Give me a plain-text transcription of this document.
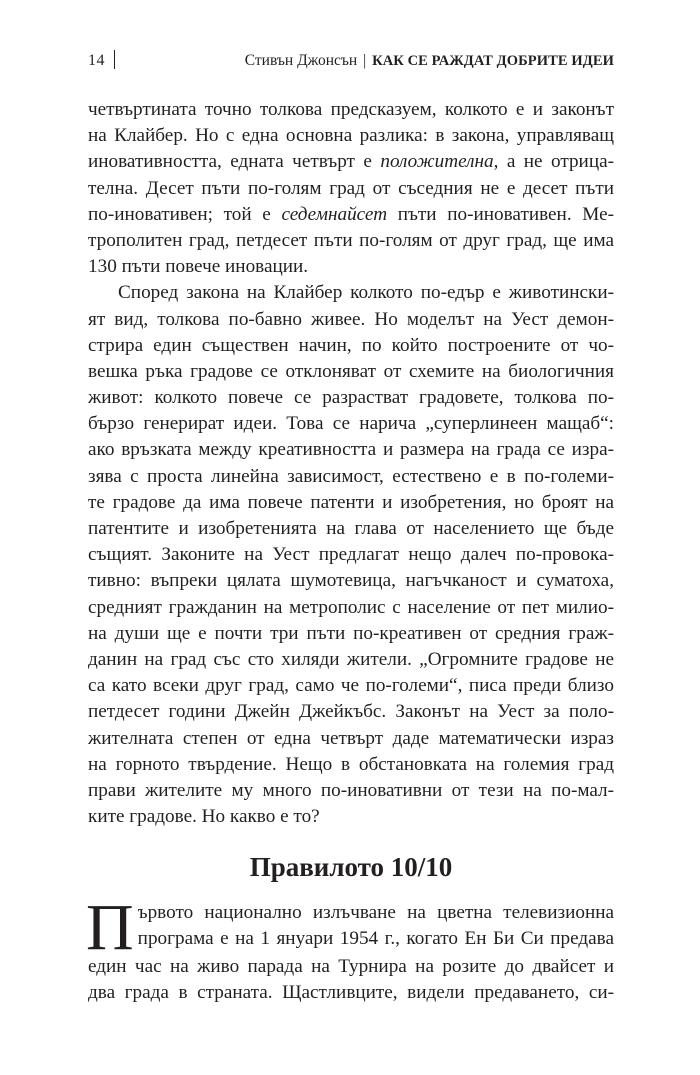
14	Стивън Джонсън | КАК СЕ РАЖДАТ ДОБРИТЕ ИДЕИ
четвъртината точно толкова предсказуем, колкото е и законът
на Клайбер. Но с една основна разлика: в закона, управляващ
иновативността, едната четвърт е положителна, а не отрица-
телна. Десет пъти по-голям град от съседния не е десет пъти
по-иновативен; той е седемнайсет пъти по-иновативен. Ме-
трополитен град, петдесет пъти по-голям от друг град, ще има
130 пъти повече иновации.
Според закона на Клайбер колкото по-едър е животински-
ят вид, толкова по-бавно живее. Но моделът на Уест демон-
стрира един съществен начин, по който построените от чо-
вешка ръка градове се отклоняват от схемите на биологичния
живот: колкото повече се разрастват градовете, толкова по-
бързо генерират идеи. Това се нарича „суперлинеен мащаб“:
ако връзката между креативността и размера на града се изра-
зява с проста линейна зависимост, естествено е в по-големи-
те градове да има повече патенти и изобретения, но броят на
патентите и изобретенията на глава от населението ще бъде
същият. Законите на Уест предлагат нещо далеч по-провока-
тивно: въпреки цялата шумотевица, нагъчканост и суматоха,
средният гражданин на метрополис с население от пет милио-
на души ще е почти три пъти по-креативен от средния граж-
данин на град със сто хиляди жители. „Огромните градове не
са като всеки друг град, само че по-големи“, писа преди близо
петдесет години Джейн Джейкъбс. Законът на Уест за поло-
жителната степен от една четвърт даде математически израз
на горното твърдение. Нещо в обстановката на големия град
прави жителите му много по-иновативни от тези на по-мал-
ките градове. Но какво е то?
Правилото 10/10
П ървото национално излъчване на цветна телевизионна
програма е на 1 януари 1954 г., когато Ен Би Си предава
един час на живо парада на Турнира на розите до двайсет и
два града в страната. Щастливците, видели предаването, си-
